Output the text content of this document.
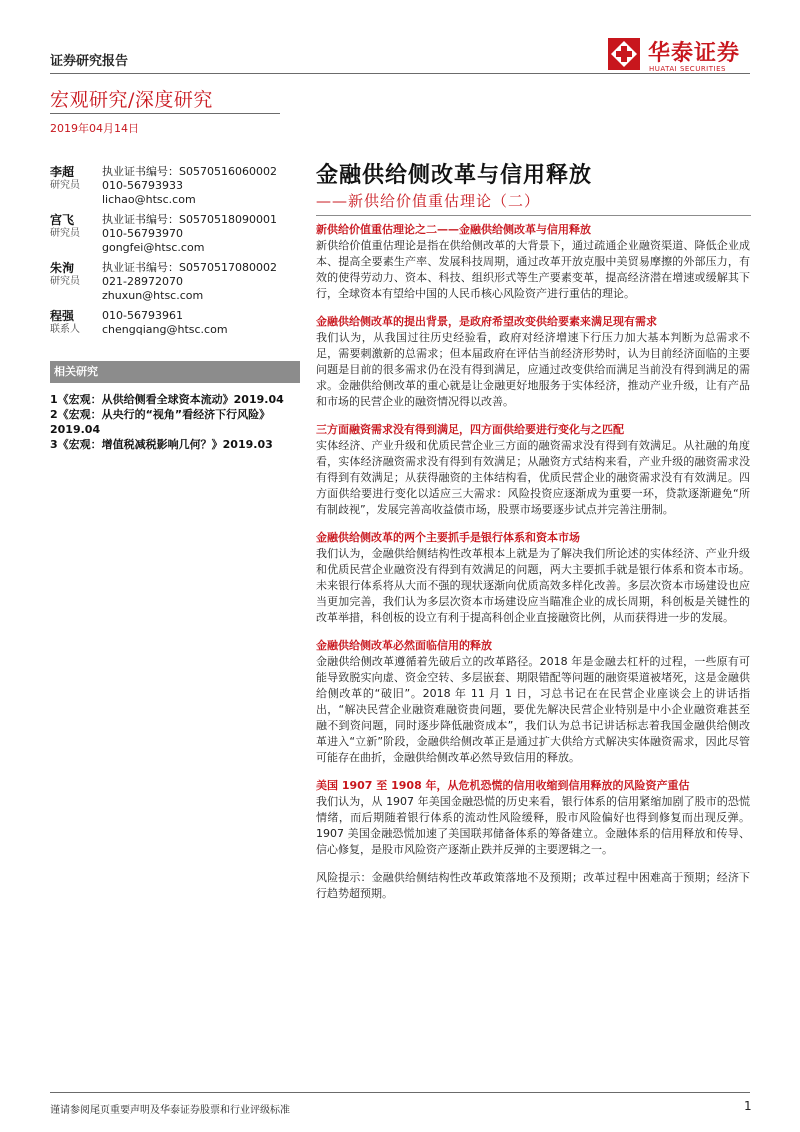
证券研究报告
宏观研究/深度研究
2019年04月14日
华泰证券
HUATAI SECURITIES
李超
研究员
执业证书编号：S0570516060002
010-56793933
lichao@htsc.com
宫飞
研究员
执业证书编号：S0570518090001
010-56793970
gongfei@htsc.com
朱洵
研究员
执业证书编号：S0570517080002
021-28972070
zhuxun@htsc.com
程强
联系人
010-56793961
chengqiang@htsc.com
相关研究
1《宏观：从供给侧看全球资本流动》2019.04
2《宏观：从央行的“视角”看经济下行风险》2019.04
3《宏观：增值税减税影响几何？》2019.03
金融供给侧改革与信用释放
——新供给价值重估理论（二）
新供给价值重估理论之二——金融供给侧改革与信用释放

新供给价值重估理论是指在供给侧改革的大背景下，通过疏通企业融资渠道、降低企业成本、提高全要素生产率、发展科技周期，通过改革开放克服中美贸易摩擦的外部压力，有效的使得劳动力、资本、科技、组织形式等生产要素变革，提高经济潜在增速或缓解其下行，全球资本有望给中国的人民币核心风险资产进行重估的理论。

金融供给侧改革的提出背景，是政府希望改变供给要素来满足现有需求

我们认为，从我国过往历史经验看，政府对经济增速下行压力加大基本判断为总需求不足，需要刺激新的总需求；但本届政府在评估当前经济形势时，认为目前经济面临的主要问题是目前的很多需求仍在没有得到满足，应通过改变供给而满足当前没有得到满足的需求。金融供给侧改革的重心就是让金融更好地服务于实体经济，推动产业升级，让有产品和市场的民营企业的融资情况得以改善。

三方面融资需求没有得到满足，四方面供给要进行变化与之匹配

实体经济、产业升级和优质民营企业三方面的融资需求没有得到有效满足。从社融的角度看，实体经济融资需求没有得到有效满足；从融资方式结构来看，产业升级的融资需求没有得到有效满足；从获得融资的主体结构看，优质民营企业的融资需求没有有效满足。四方面供给要进行变化以适应三大需求：风险投资应逐渐成为重要一环，贷款逐渐避免“所有制歧视”，发展完善高收益债市场，股票市场要逐步试点并完善注册制。

金融供给侧改革的两个主要抓手是银行体系和资本市场

我们认为，金融供给侧结构性改革根本上就是为了解决我们所论述的实体经济、产业升级和优质民营企业融资没有得到有效满足的问题，两大主要抓手就是银行体系和资本市场。未来银行体系将从大而不强的现状逐渐向优质高效多样化改善。多层次资本市场建设也应当更加完善，我们认为多层次资本市场建设应当瞄准企业的成长周期，科创板是关键性的改革举措，科创板的设立有利于提高科创企业直接融资比例，从而获得进一步的发展。

金融供给侧改革必然面临信用的释放

金融供给侧改革遵循着先破后立的改革路径。2018 年是金融去杠杆的过程，一些原有可能导致脱实向虚、资金空转、多层嵌套、期限错配等问题的融资渠道被堵死，这是金融供给侧改革的“破旧”。2018 年 11 月 1 日，习总书记在在民营企业座谈会上的讲话指出，“解决民营企业融资难融资贵问题，要优先解决民营企业特别是中小企业融资难甚至融不到资问题，同时逐步降低融资成本”，我们认为总书记讲话标志着我国金融供给侧改革进入“立新”阶段，金融供给侧改革正是通过扩大供给方式解决实体融资需求，因此尽管可能存在曲折，金融供给侧改革必然导致信用的释放。

美国 1907 至 1908 年，从危机恐慌的信用收缩到信用释放的风险资产重估

我们认为，从 1907 年美国金融恐慌的历史来看，银行体系的信用紧缩加剧了股市的恐慌情绪，而后期随着银行体系的流动性风险缓释，股市风险偏好也得到修复而出现反弹。1907 美国金融恐慌加速了美国联邦储备体系的筹备建立。金融体系的信用释放和传导、信心修复，是股市风险资产逐渐止跌并反弹的主要逻辑之一。

风险提示：金融供给侧结构性改革政策落地不及预期；改革过程中困难高于预期；经济下行趋势超预期。

谨请参阅尾页重要声明及华泰证券股票和行业评级标准	1
